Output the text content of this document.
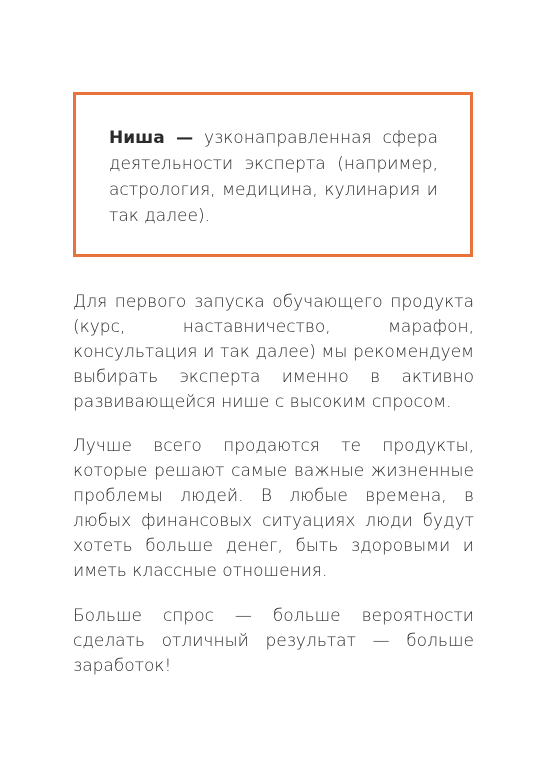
Ниша — узконаправленная сфера деятельности эксперта (например, астрология, медицина, кулинария и так далее).

Для первого запуска обучающего продукта (курс, наставничество, марафон, консультация и так далее) мы рекомендуем выбирать эксперта именно в активно развивающейся нише с высоким спросом.

Лучше всего продаются те продукты, которые решают самые важные жизненные проблемы людей. В любые времена, в любых финансовых ситуациях люди будут хотеть больше денег, быть здоровыми и иметь классные отношения.

Больше спрос — больше вероятности сделать отличный результат — больше заработок!
